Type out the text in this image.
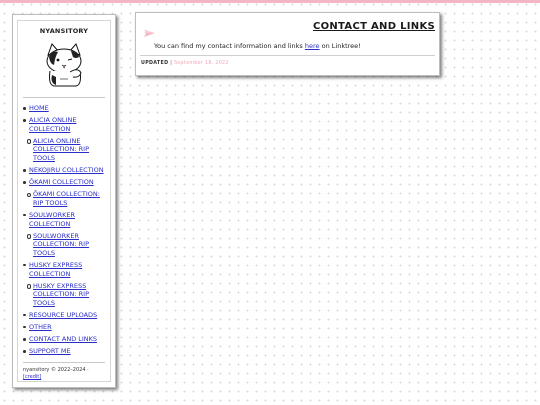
NYANSITORY
HOME
ALICIA ONLINE COLLECTION
ALICIA ONLINE COLLECTION: RIP TOOLS
NEKOJIRU COLLECTION
ŌKAMI COLLECTION
ŌKAMI COLLECTION: RIP TOOLS
SOULWORKER COLLECTION
SOULWORKER COLLECTION: RIP TOOLS
HUSKY EXPRESS COLLECTION
HUSKY EXPRESS COLLECTION: RIP TOOLS
RESOURCE UPLOADS
OTHER
CONTACT AND LINKS
SUPPORT ME
nyansitory © 2022–2024 ·
[credit]
CONTACT AND LINKS

You can find my contact information and links here on Linktree!

UPDATED | September 18, 2022
